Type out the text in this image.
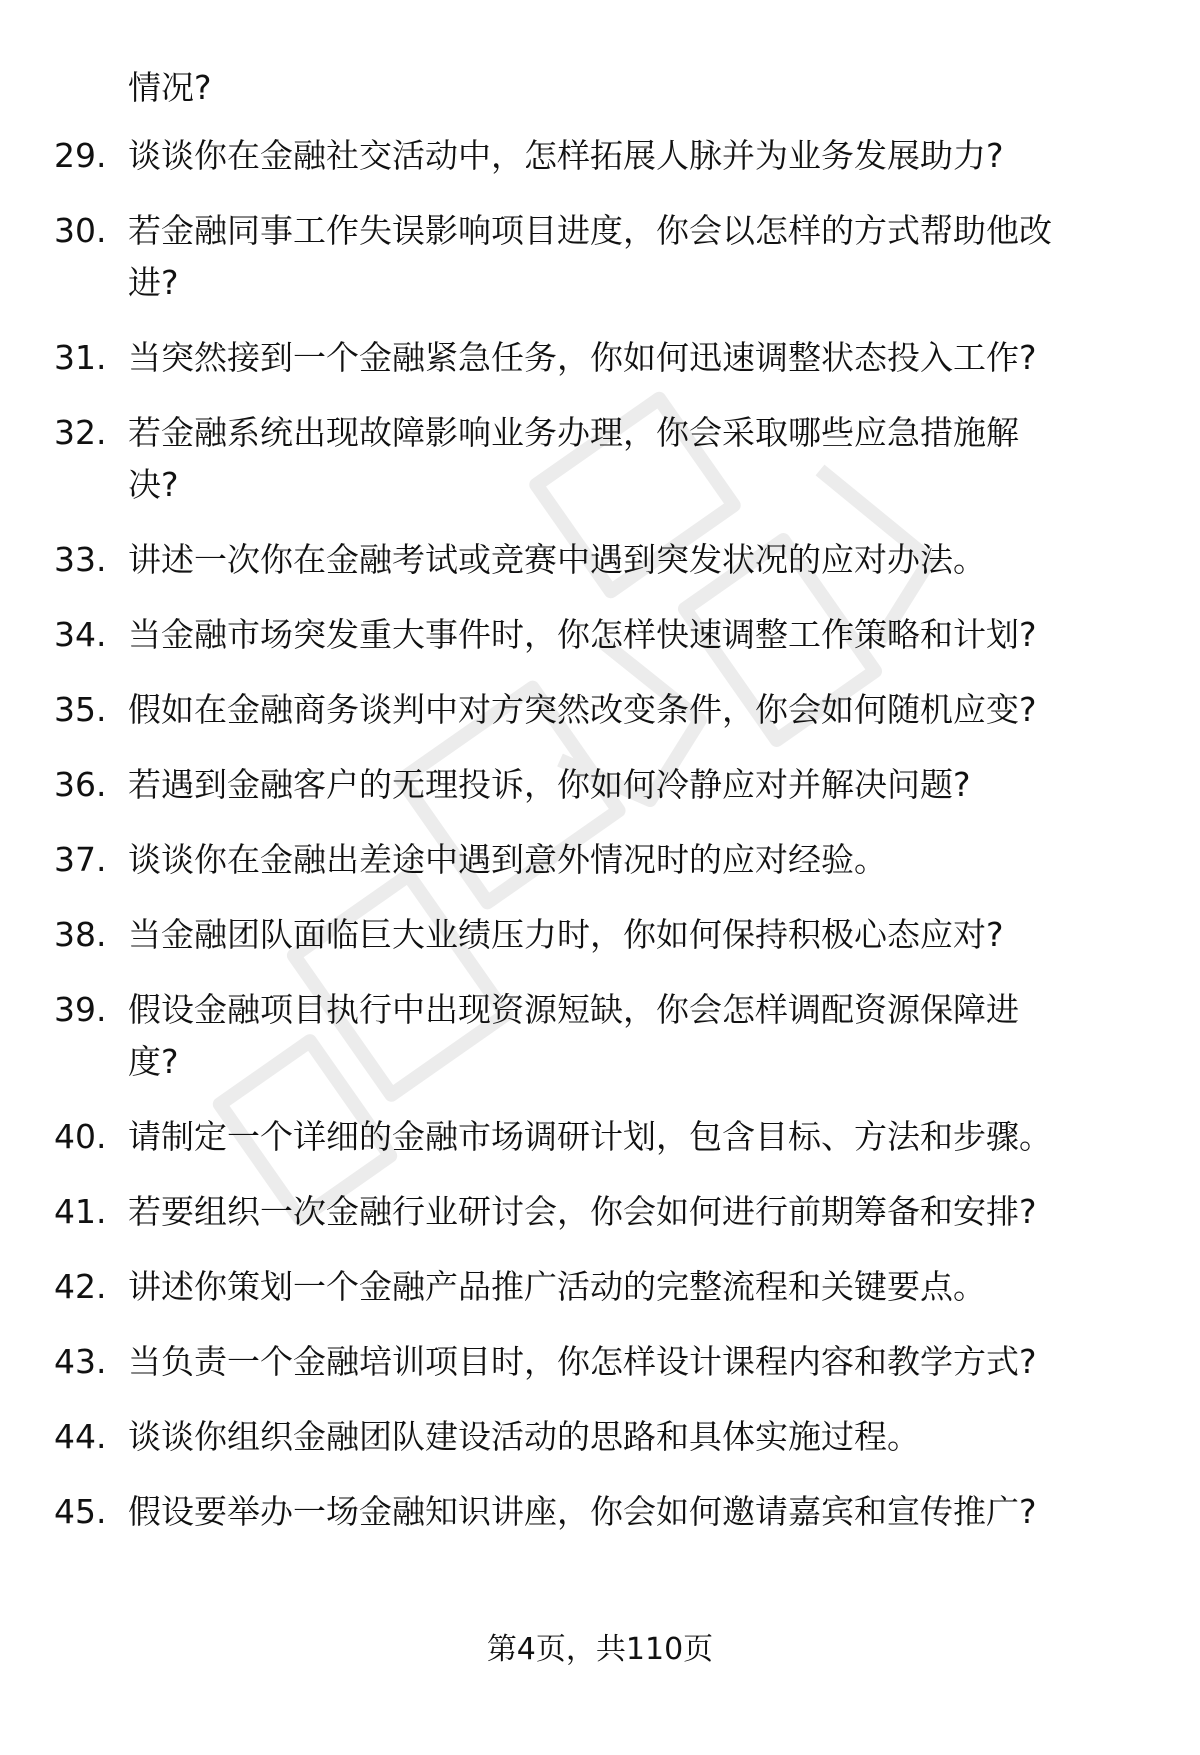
情况?
29. 谈谈你在金融社交活动中，怎样拓展人脉并为业务发展助力?
30. 若金融同事工作失误影响项目进度，你会以怎样的方式帮助他改
进?
31. 当突然接到一个金融紧急任务，你如何迅速调整状态投入工作?
32. 若金融系统出现故障影响业务办理，你会采取哪些应急措施解
决?
33. 讲述一次你在金融考试或竞赛中遇到突发状况的应对办法。
34. 当金融市场突发重大事件时，你怎样快速调整工作策略和计划?
35. 假如在金融商务谈判中对方突然改变条件，你会如何随机应变?
36. 若遇到金融客户的无理投诉，你如何冷静应对并解决问题?
37. 谈谈你在金融出差途中遇到意外情况时的应对经验。
38. 当金融团队面临巨大业绩压力时，你如何保持积极心态应对?
39. 假设金融项目执行中出现资源短缺，你会怎样调配资源保障进
度?
40. 请制定一个详细的金融市场调研计划，包含目标、方法和步骤。
41. 若要组织一次金融行业研讨会，你会如何进行前期筹备和安排?
42. 讲述你策划一个金融产品推广活动的完整流程和关键要点。
43. 当负责一个金融培训项目时，你怎样设计课程内容和教学方式?
44. 谈谈你组织金融团队建设活动的思路和具体实施过程。
45. 假设要举办一场金融知识讲座，你会如何邀请嘉宾和宣传推广?
第4页，共110页
